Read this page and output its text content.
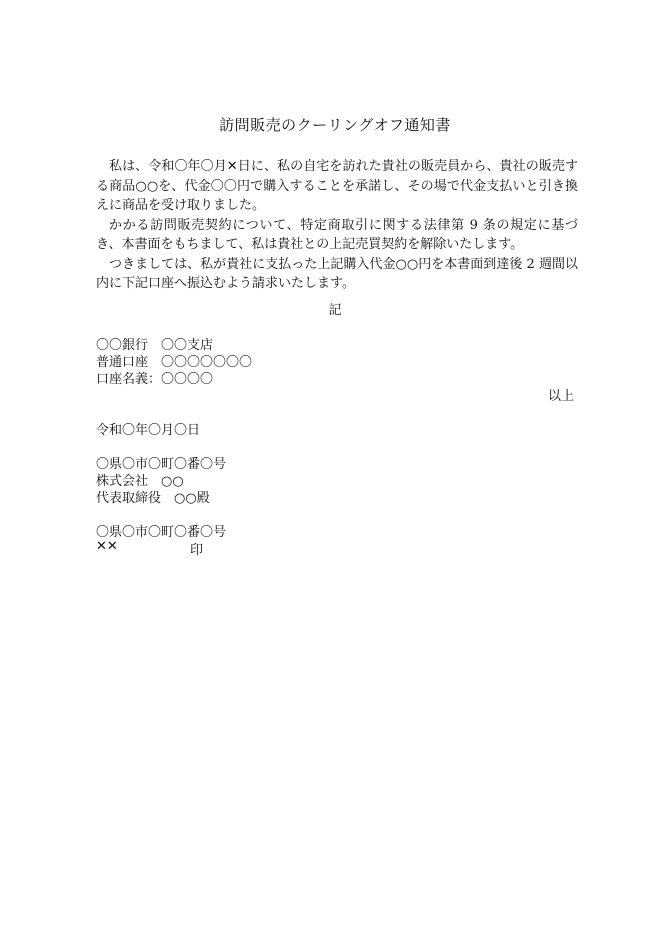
訪問販売のクーリングオフ通知書

私は、令和〇年〇月✕日に、私の自宅を訪れた貴社の販売員から、貴社の販売する商品○○を、代金〇〇円で購入することを承諾し、その場で代金支払いと引き換えに商品を受け取りました。

かかる訪問販売契約について、特定商取引に関する法律第 9 条の規定に基づき、本書面をもちまして、私は貴社との上記売買契約を解除いたします。

つきましては、私が貴社に支払った上記購入代金○○円を本書面到達後 2 週間以内に下記口座へ振込むよう請求いたします。

記
〇〇銀行　〇〇支店
普通口座　〇〇〇〇〇〇〇
口座名義：〇〇〇〇
以上
令和〇年〇月〇日
〇県〇市〇町〇番〇号
株式会社　○○
代表取締役　○○殿
〇県〇市〇町〇番〇号
✕✕	印
